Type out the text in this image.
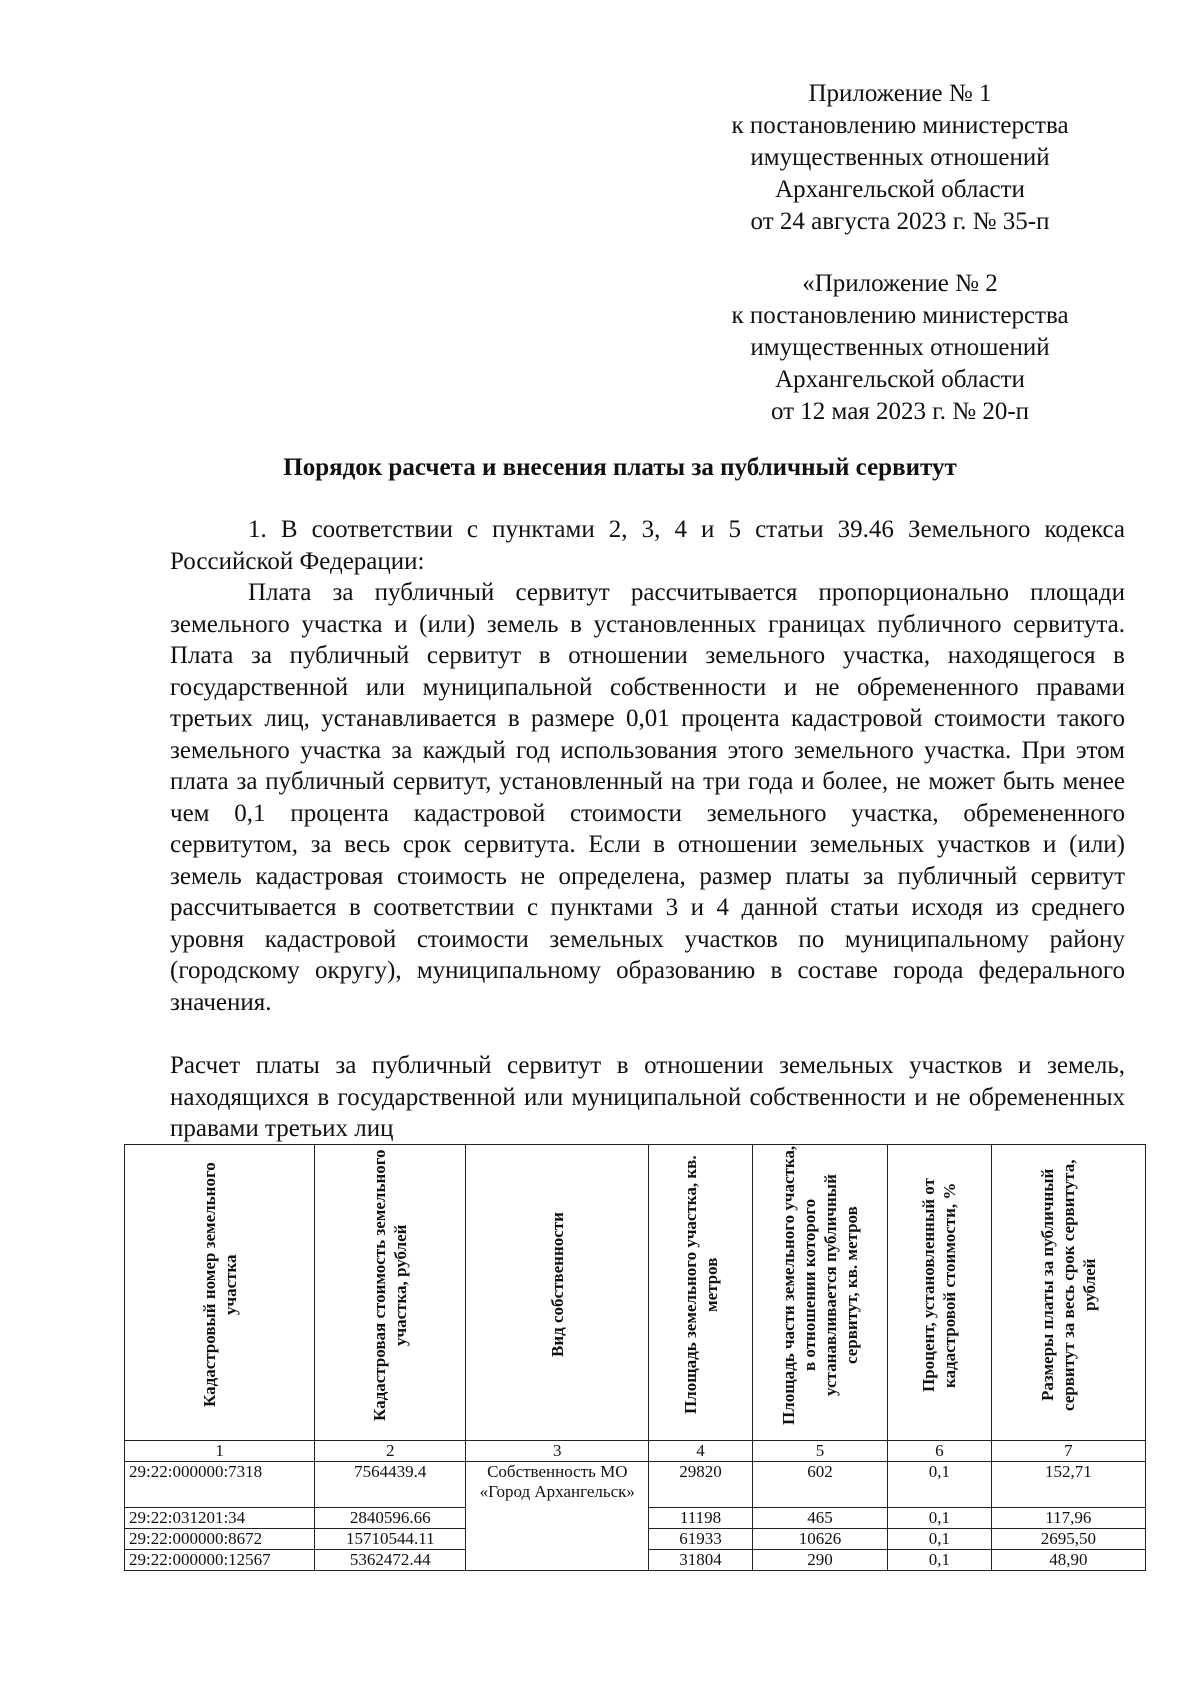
Приложение № 1
к постановлению министерства
имущественных отношений
Архангельской области
от 24 августа 2023 г. № 35-п
«Приложение № 2
к постановлению министерства
имущественных отношений
Архангельской области
от 12 мая 2023 г. № 20-п
Порядок расчета и внесения платы за публичный сервитут

1. В соответствии с пунктами 2, 3, 4 и 5 статьи 39.46 Земельного кодекса Российской Федерации:

Плата за публичный сервитут рассчитывается пропорционально площади земельного участка и (или) земель в установленных границах публичного сервитута. Плата за публичный сервитут в отношении земельного участка, находящегося в государственной или муниципальной собственности и не обремененного правами третьих лиц, устанавливается в размере 0,01 процента кадастровой стоимости такого земельного участка за каждый год использования этого земельного участка. При этом плата за публичный сервитут, установленный на три года и более, не может быть менее чем 0,1 процента кадастровой стоимости земельного участка, обремененного сервитутом, за весь срок сервитута. Если в отношении земельных участков и (или) земель кадастровая стоимость не определена, размер платы за публичный сервитут рассчитывается в соответствии с пунктами 3 и 4 данной статьи исходя из среднего уровня кадастровой стоимости земельных участков по муниципальному району (городскому округу), муниципальному образованию в составе города федерального значения.

Расчет платы за публичный сервитут в отношении земельных участков и земель, находящихся в государственной или муниципальной собственности и не обремененных правами третьих лиц

Кадастровый номер земельного участка	Кадастровая стоимость земельного участка, рублей	Вид собственности	Площадь земельного участка, кв. метров	Площадь части земельного участка, в отношении которого устанавливается публичный сервитут, кв. метров	Процент, установленный от кадастровой стоимости, %	Размеры платы за публичный сервитут за весь срок сервитута, рублей

1	2	3	4	5	6	7
29:22:000000:7318	7564439.4	Собственность МО «Город Архангельск»	29820	602	0,1	152,71
29:22:031201:34	2840596.66		11198	465	0,1	117,96
29:22:000000:8672	15710544.11		61933	10626	0,1	2695,50
29:22:000000:12567	5362472.44		31804	290	0,1	48,90
